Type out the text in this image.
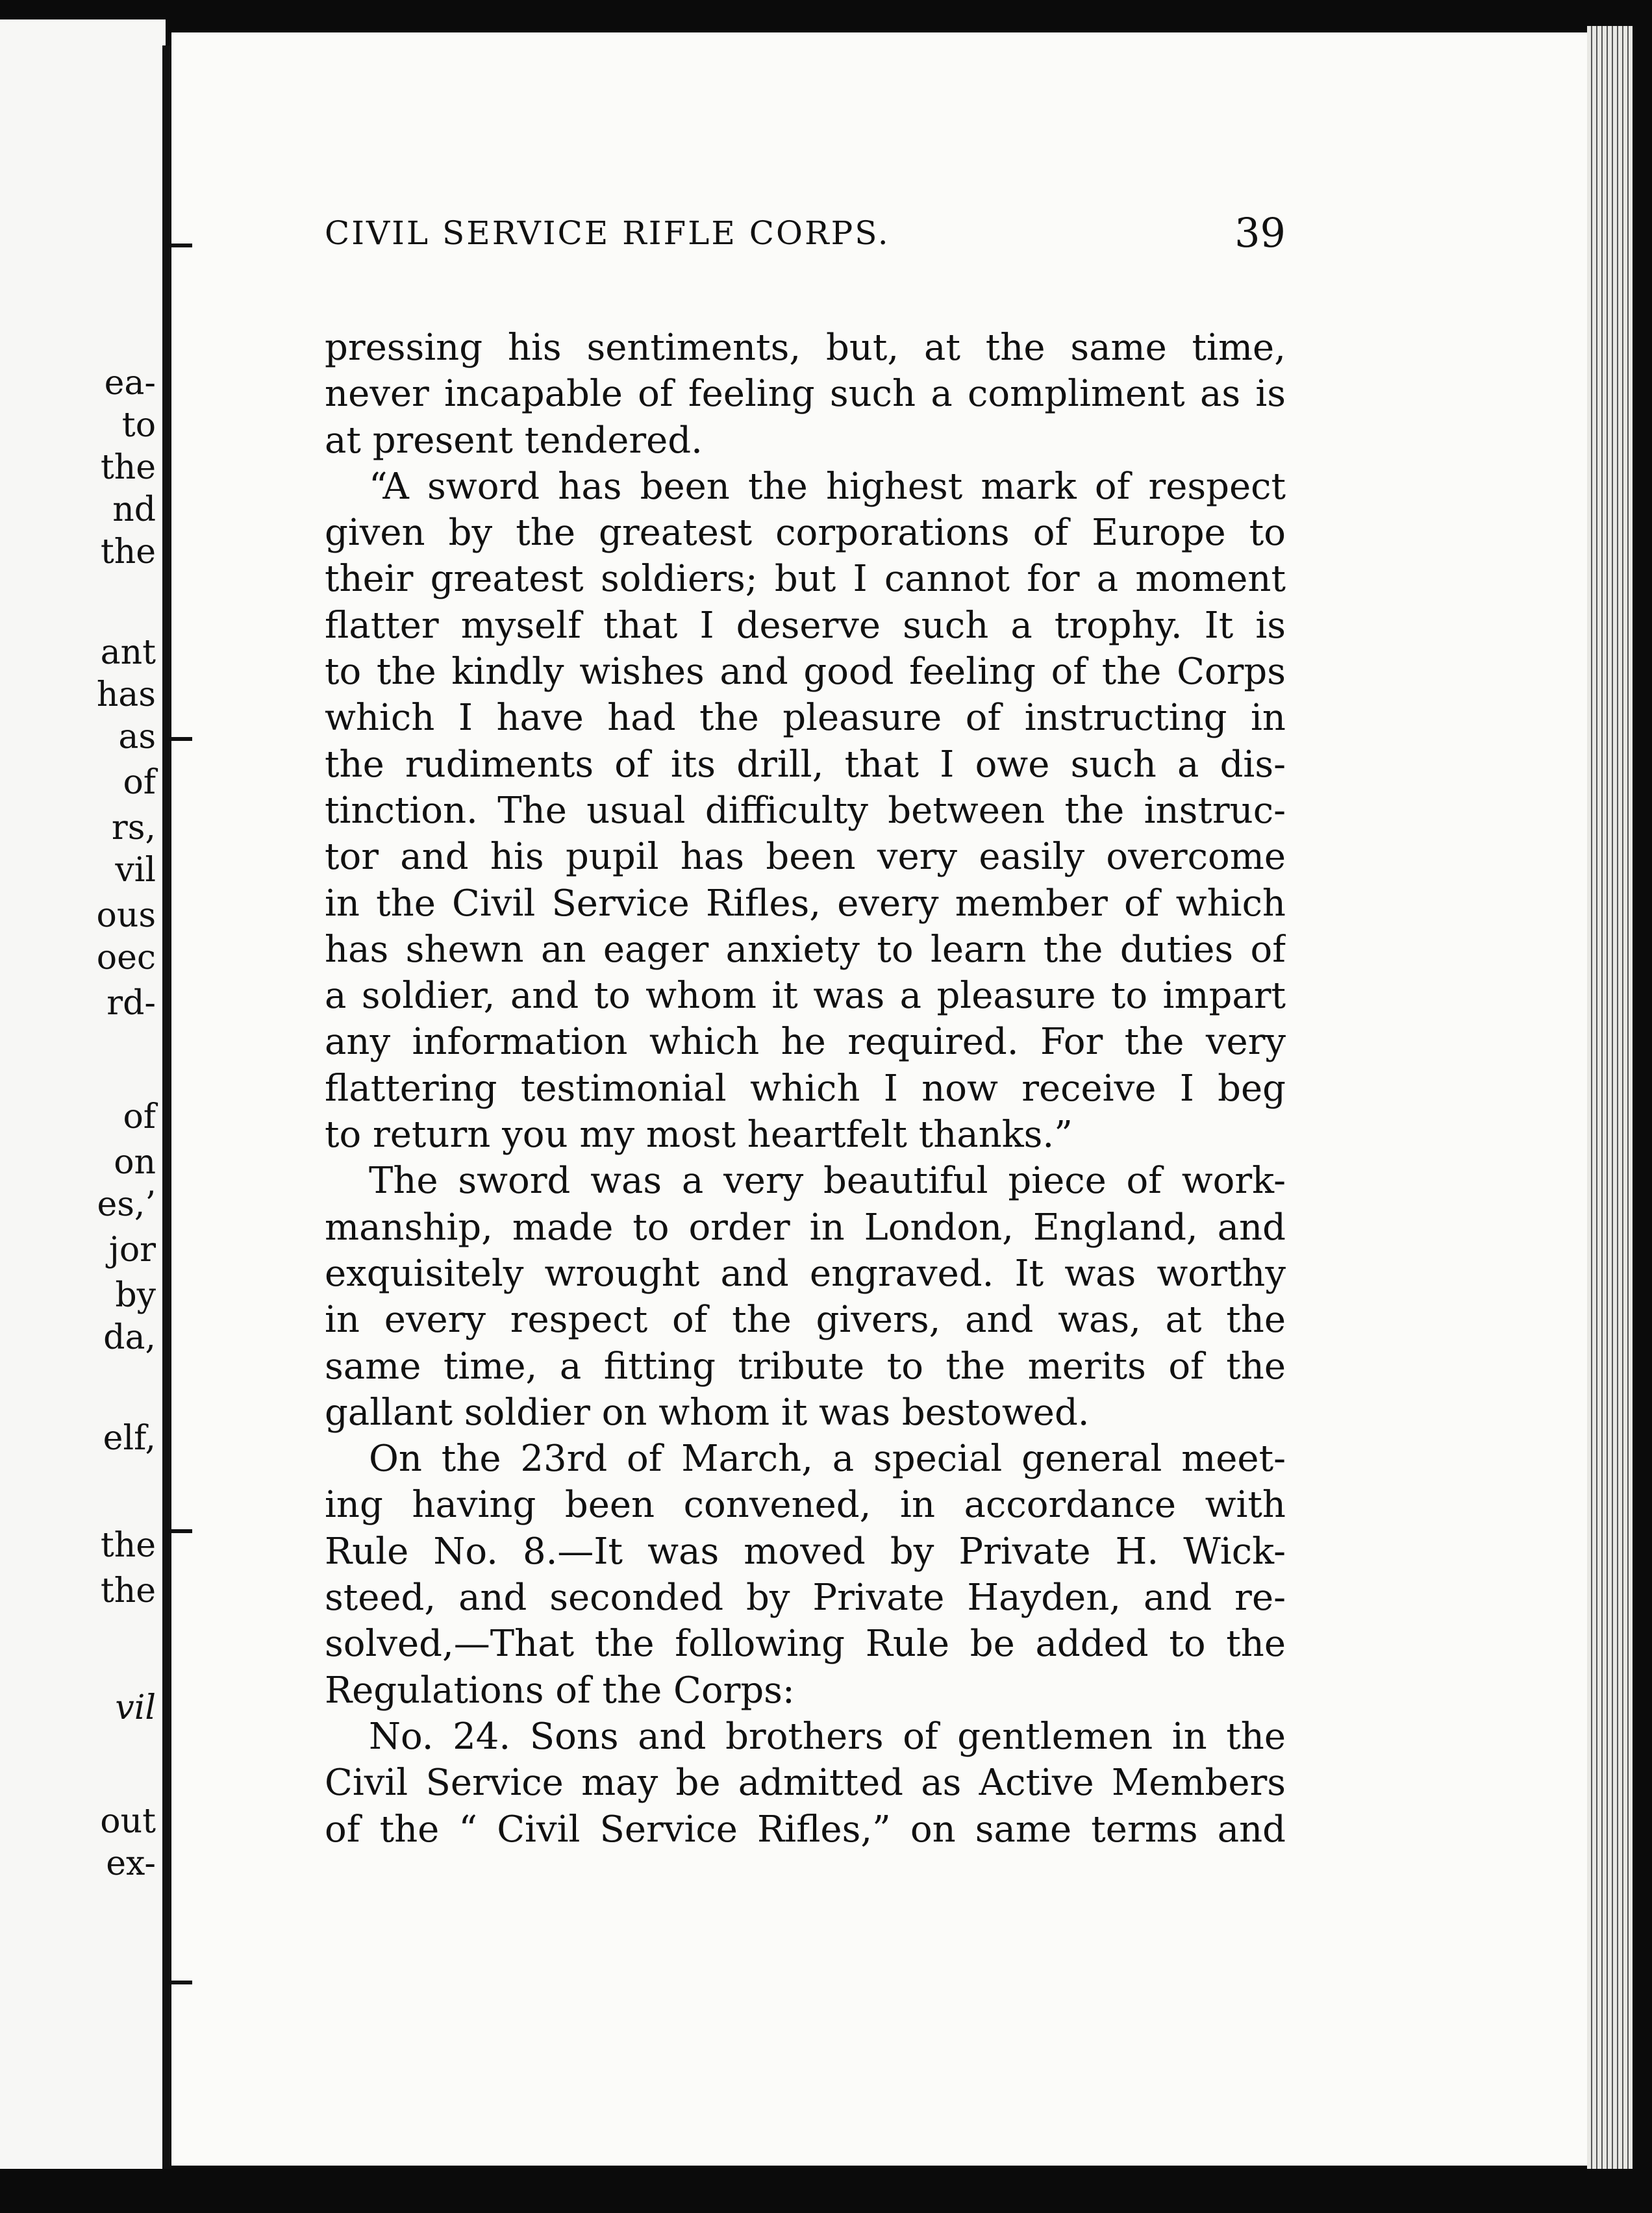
ea-
to
the
nd
the
ant
has
as
of
rs,
vil
ous
oec
rd-
of
on
es,’
jor
by
da,
elf,
the
the
vil
out
ex-
CIVIL SERVICE RIFLE CORPS.	39
pressing his sentiments, but, at the same time,
never incapable of feeling such a compliment as is
at present tendered.
“A sword has been the highest mark of respect
given by the greatest corporations of Europe to
their greatest soldiers; but I cannot for a moment
flatter myself that I deserve such a trophy. It is
to the kindly wishes and good feeling of the Corps
which I have had the pleasure of instructing in
the rudiments of its drill, that I owe such a dis-
tinction. The usual difficulty between the instruc-
tor and his pupil has been very easily overcome
in the Civil Service Rifles, every member of which
has shewn an eager anxiety to learn the duties of
a soldier, and to whom it was a pleasure to impart
any information which he required. For the very
flattering testimonial which I now receive I beg
to return you my most heartfelt thanks.”
The sword was a very beautiful piece of work-
manship, made to order in London, England, and
exquisitely wrought and engraved. It was worthy
in every respect of the givers, and was, at the
same time, a fitting tribute to the merits of the
gallant soldier on whom it was bestowed.
On the 23rd of March, a special general meet-
ing having been convened, in accordance with
Rule No. 8.—It was moved by Private H. Wick-
steed, and seconded by Private Hayden, and re-
solved,—That the following Rule be added to the
Regulations of the Corps:
No. 24. Sons and brothers of gentlemen in the
Civil Service may be admitted as Active Members
of the “ Civil Service Rifles,” on same terms and
